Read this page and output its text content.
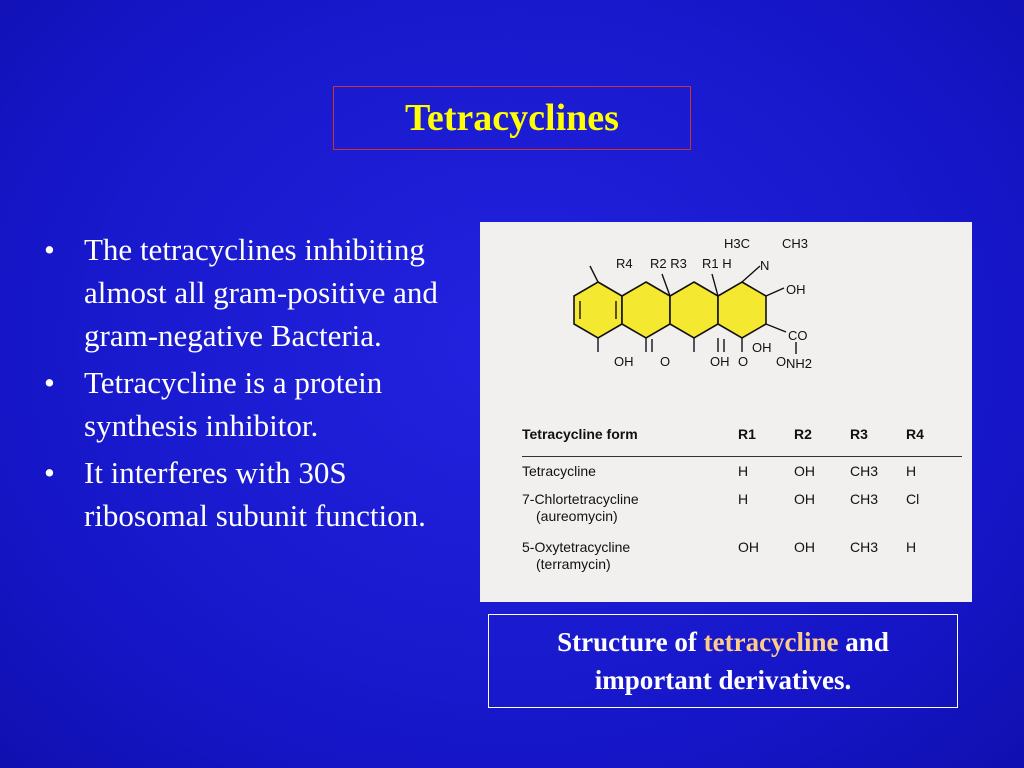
Tetracyclines
• The tetracyclines inhibiting almost all gram-positive and gram-negative Bacteria.
• Tetracycline is a protein synthesis inhibitor.
• It interferes with 30S ribosomal subunit function.
R4 R2 R3 R1 H
H3C CH3
N
OH
CO
NH2
OH O	OH O
OH
O
Tetracycline form	R1	R2	R3	R4
Tetracycline	H	OH	CH3	H
7-Chlortetracycline
(aureomycin)	H	OH	CH3	Cl
5-Oxytetracycline
(terramycin)	OH	OH	CH3	H
Structure of tetracycline and
important derivatives.
